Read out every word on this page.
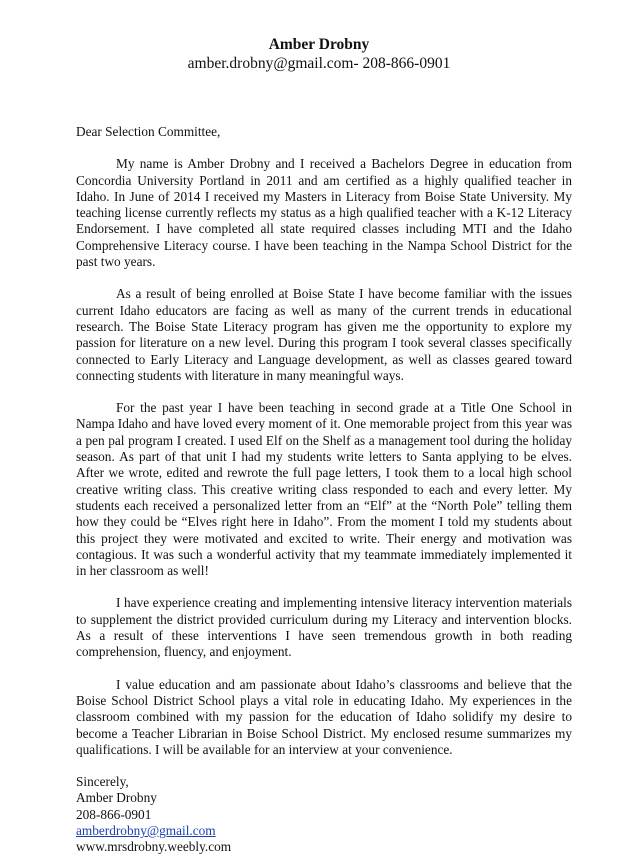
Amber Drobny
amber.drobny@gmail.com- 208-866-0901

Dear Selection Committee,

My name is Amber Drobny and I received a Bachelors Degree in education from Concordia University Portland in 2011 and am certified as a highly qualified teacher in Idaho. In June of 2014 I received my Masters in Literacy from Boise State University. My teaching license currently reflects my status as a high qualified teacher with a K-12 Literacy Endorsement. I have completed all state required classes including MTI and the Idaho Comprehensive Literacy course. I have been teaching in the Nampa School District for the past two years.

As a result of being enrolled at Boise State I have become familiar with the issues current Idaho educators are facing as well as many of the current trends in educational research. The Boise State Literacy program has given me the opportunity to explore my passion for literature on a new level. During this program I took several classes specifically connected to Early Literacy and Language development, as well as classes geared toward connecting students with literature in many meaningful ways.

For the past year I have been teaching in second grade at a Title One School in Nampa Idaho and have loved every moment of it. One memorable project from this year was a pen pal program I created. I used Elf on the Shelf as a management tool during the holiday season. As part of that unit I had my students write letters to Santa applying to be elves. After we wrote, edited and rewrote the full page letters, I took them to a local high school creative writing class. This creative writing class responded to each and every letter. My students each received a personalized letter from an “Elf” at the “North Pole” telling them how they could be “Elves right here in Idaho”. From the moment I told my students about this project they were motivated and excited to write. Their energy and motivation was contagious. It was such a wonderful activity that my teammate immediately implemented it in her classroom as well!

I have experience creating and implementing intensive literacy intervention materials to supplement the district provided curriculum during my Literacy and intervention blocks. As a result of these interventions I have seen tremendous growth in both reading comprehension, fluency, and enjoyment.

I value education and am passionate about Idaho’s classrooms and believe that the Boise School District School plays a vital role in educating Idaho. My experiences in the classroom combined with my passion for the education of Idaho solidify my desire to become a Teacher Librarian in Boise School District. My enclosed resume summarizes my qualifications. I will be available for an interview at your convenience.

Sincerely,
Amber Drobny
208-866-0901
amberdrobny@gmail.com
www.mrsdrobny.weebly.com
